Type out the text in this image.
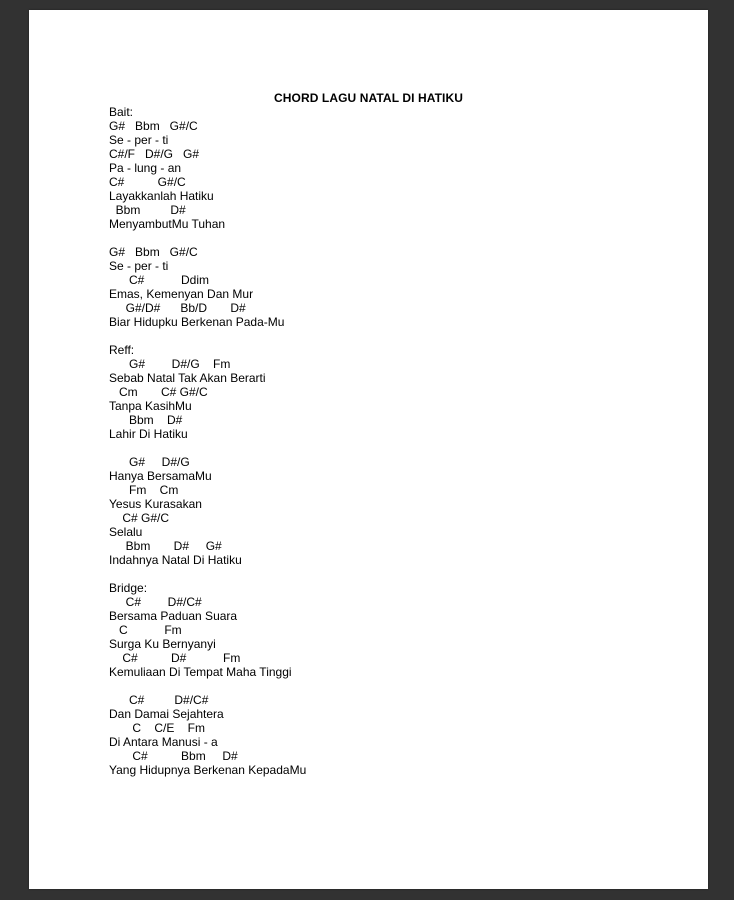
CHORD LAGU NATAL DI HATIKU
Bait:
G#   Bbm   G#/C
Se - per - ti
C#/F   D#/G   G#
Pa - lung - an
C#          G#/C
Layakkanlah Hatiku
Bbm         D#
MenyambutMu Tuhan
G#   Bbm   G#/C
Se - per - ti
C#           Ddim
Emas, Kemenyan Dan Mur
G#/D#      Bb/D       D#
Biar Hidupku Berkenan Pada-Mu
Reff:
G#        D#/G    Fm
Sebab Natal Tak Akan Berarti
Cm       C# G#/C
Tanpa KasihMu
Bbm    D#
Lahir Di Hatiku
G#     D#/G
Hanya BersamaMu
Fm    Cm
Yesus Kurasakan
C# G#/C
Selalu
Bbm       D#     G#
Indahnya Natal Di Hatiku
Bridge:
C#        D#/C#
Bersama Paduan Suara
C           Fm
Surga Ku Bernyanyi
C#          D#           Fm
Kemuliaan Di Tempat Maha Tinggi
C#         D#/C#
Dan Damai Sejahtera
C    C/E    Fm
Di Antara Manusi - a
C#          Bbm     D#
Yang Hidupnya Berkenan KepadaMu
